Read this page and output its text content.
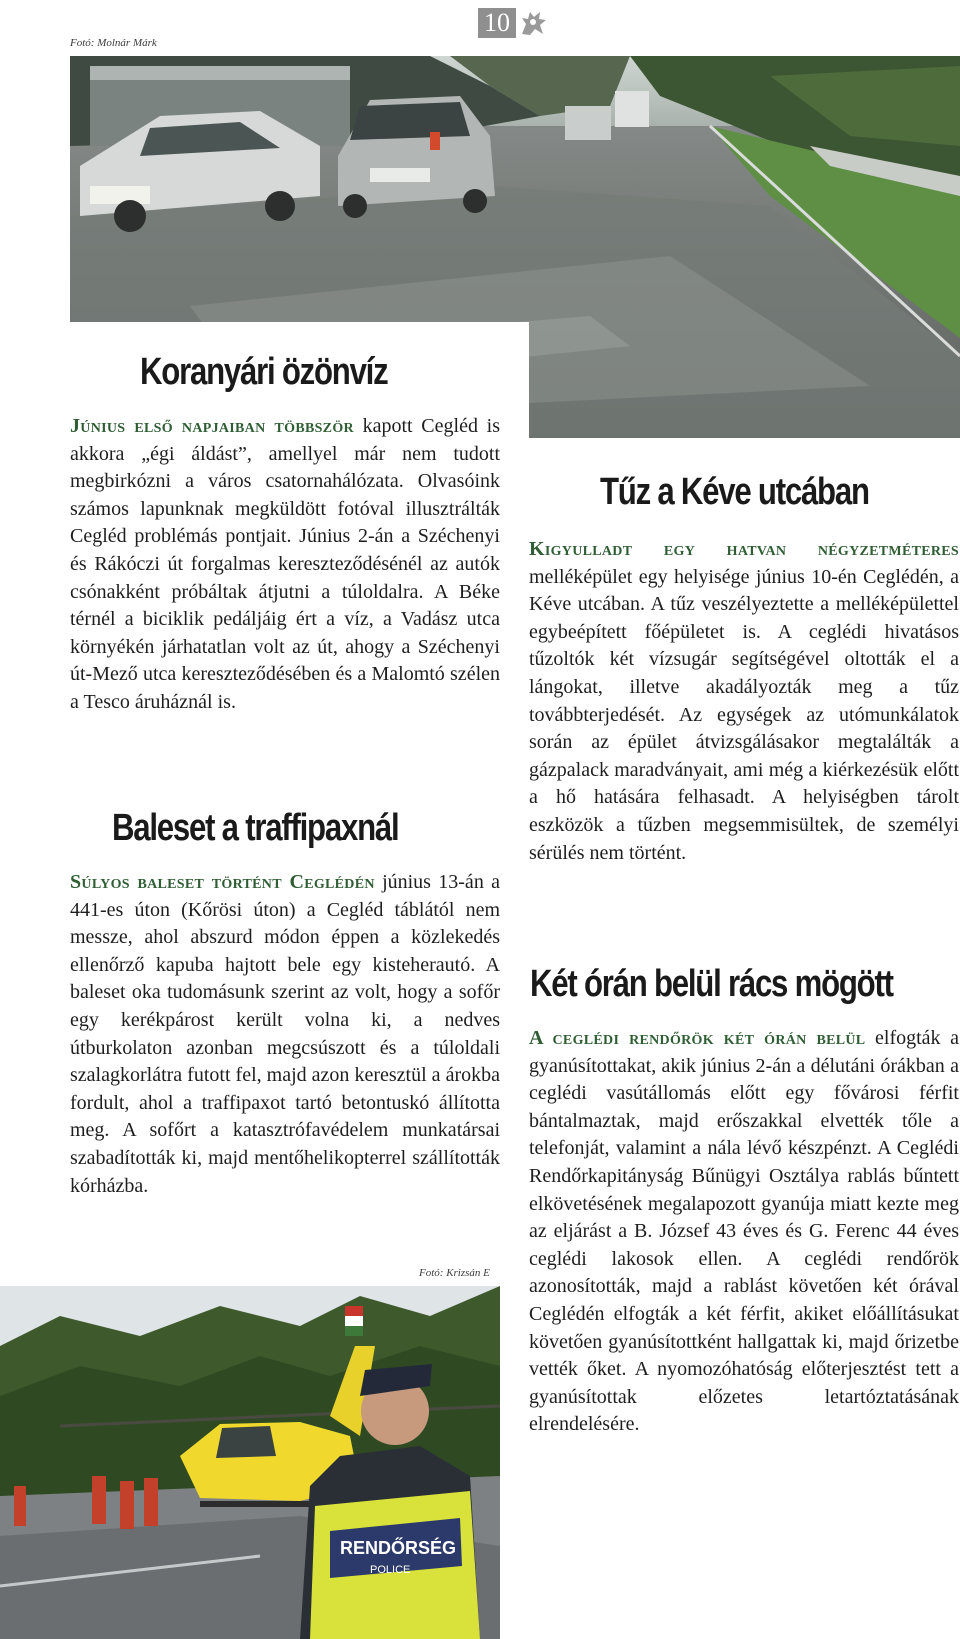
10
Fotó: Molnár Márk
Koranyári özönvíz
Június első napjaiban többször kapott Cegléd is akkora „égi áldást”, amellyel már nem tudott megbirkózni a város csatornahálózata. Olvasóink számos lapunknak megküldött fotóval illusztrálták Cegléd problémás pontjait. Június 2-án a Széchenyi és Rákóczi út forgalmas kereszteződésénél az autók csónakként próbáltak átjutni a túloldalra. A Béke térnél a biciklik pedáljáig ért a víz, a Vadász utca környékén járhatatlan volt az út, ahogy a Széchenyi út-Mező utca kereszteződésében és a Malomtó szélen a Tesco áruháznál is.
Baleset a traffipaxnál
Súlyos baleset történt Ceglédén június 13-án a 441-es úton (Kőrösi úton) a Cegléd táblától nem messze, ahol abszurd módon éppen a közlekedés ellenőrző kapuba hajtott bele egy kisteherautó. A baleset oka tudomásunk szerint az volt, hogy a sofőr egy kerékpárost került volna ki, a nedves útburkolaton azonban megcsúszott és a túloldali szalagkorlátra futott fel, majd azon keresztül a árokba fordult, ahol a traffipaxot tartó betontuskó állította meg. A sofőrt a katasztrófavédelem munkatársai szabadították ki, majd mentőhelikopterrel szállították kórházba.
Fotó: Krizsán E
RENDŐRSÉG
POLICE
Tűz a Kéve utcában
Kigyulladt egy hatvan négyzetméteres melléképület egy helyisége június 10-én Ceglédén, a Kéve utcában. A tűz veszélyeztette a melléképülettel egybeépített főépületet is. A ceglédi hivatásos tűzoltók két vízsugár segítségével oltották el a lángokat, illetve akadályozták meg a tűz továbbterjedését. Az egységek az utómunkálatok során az épület átvizsgálásakor megtalálták a gázpalack maradványait, ami még a kiérkezésük előtt a hő hatására felhasadt. A helyiségben tárolt eszközök a tűzben megsemmisültek, de személyi sérülés nem történt.
Két órán belül rács mögött
A ceglédi rendőrök két órán belül elfogták a gyanúsítottakat, akik június 2-án a délutáni órákban a ceglédi vasútállomás előtt egy fővárosi férfit bántalmaztak, majd erőszakkal elvették tőle a telefonját, valamint a nála lévő készpénzt. A Ceglédi Rendőrkapitányság Bűnügyi Osztálya rablás bűntett elkövetésének megalapozott gyanúja miatt kezte meg az eljárást a B. József 43 éves és G. Ferenc 44 éves ceglédi lakosok ellen. A ceglédi rendőrök azonosították, majd a rablást követően két órával Ceglédén elfogták a két férfit, akiket előállításukat követően gyanúsítottként hallgattak ki, majd őrizetbe vették őket. A nyomozóhatóság előterjesztést tett a gyanúsítottak előzetes letartóztatásának elrendelésére.
